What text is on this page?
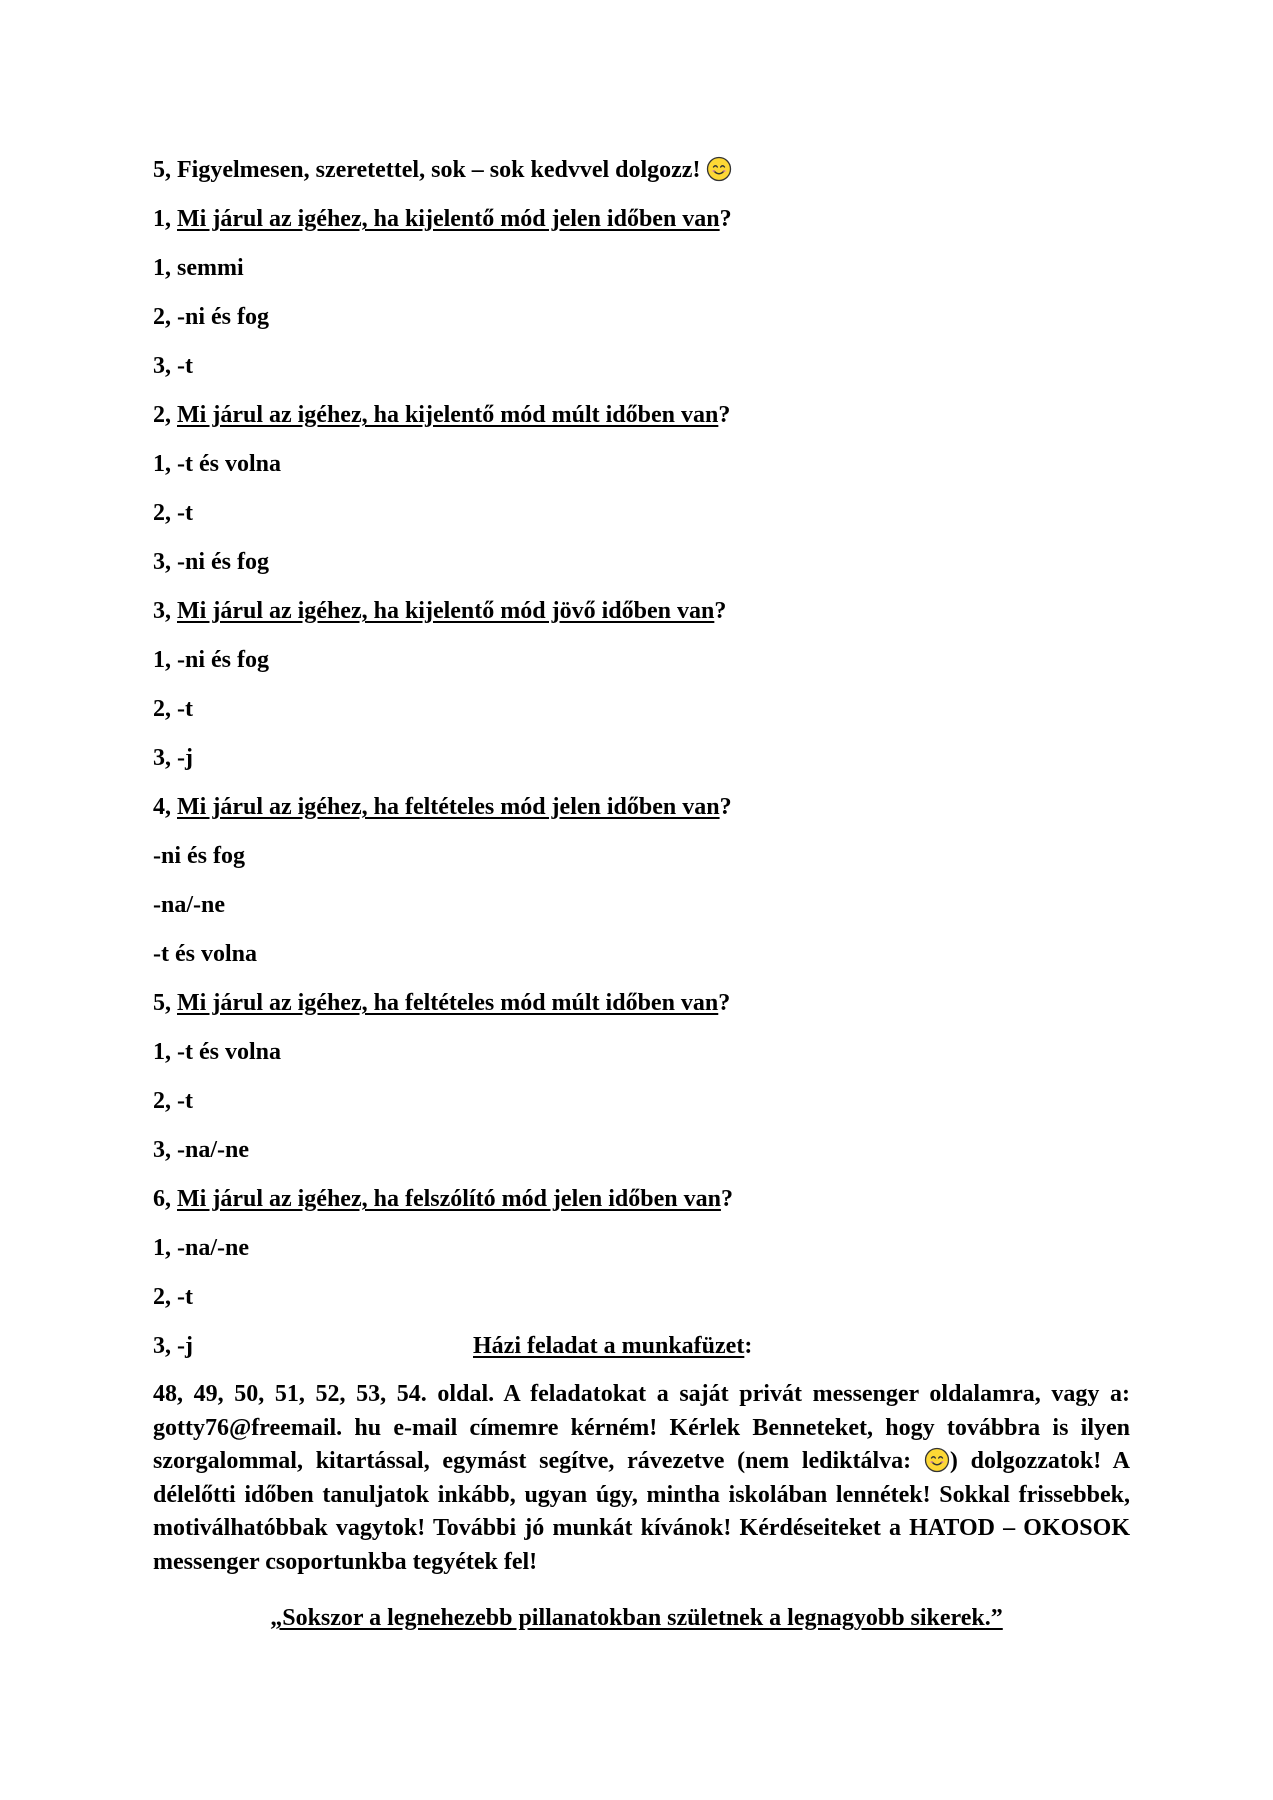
5, Figyelmesen, szeretettel, sok – sok kedvvel dolgozz!
1, Mi járul az igéhez, ha kijelentő mód jelen időben van?
1, semmi
2, -ni és fog
3, -t
2, Mi járul az igéhez, ha kijelentő mód múlt időben van?
1, -t és volna
2, -t
3, -ni és fog
3, Mi járul az igéhez, ha kijelentő mód jövő időben van?
1, -ni és fog
2, -t
3, -j
4, Mi járul az igéhez, ha feltételes mód jelen időben van?
-ni és fog
-na/-ne
-t és volna
5, Mi járul az igéhez, ha feltételes mód múlt időben van?
1, -t és volna
2, -t
3, -na/-ne
6, Mi járul az igéhez, ha felszólító mód jelen időben van?
1, -na/-ne
2, -t
3, -j	Házi feladat a munkafüzet:
48, 49, 50, 51, 52, 53, 54. oldal. A feladatokat a saját privát messenger oldalamra, vagy a: gotty76@freemail. hu e-mail címemre kérném! Kérlek Benneteket, hogy továbbra is ilyen szorgalommal, kitartással, egymást segítve, rávezetve (nem lediktálva: ) dolgozzatok! A délelőtti időben tanuljatok inkább, ugyan úgy, mintha iskolában lennétek! Sokkal frissebbek, motiválhatóbbak vagytok! További jó munkát kívánok! Kérdéseiteket a HATOD – OKOSOK messenger csoportunkba tegyétek fel!
„Sokszor a legnehezebb pillanatokban születnek a legnagyobb sikerek.”
